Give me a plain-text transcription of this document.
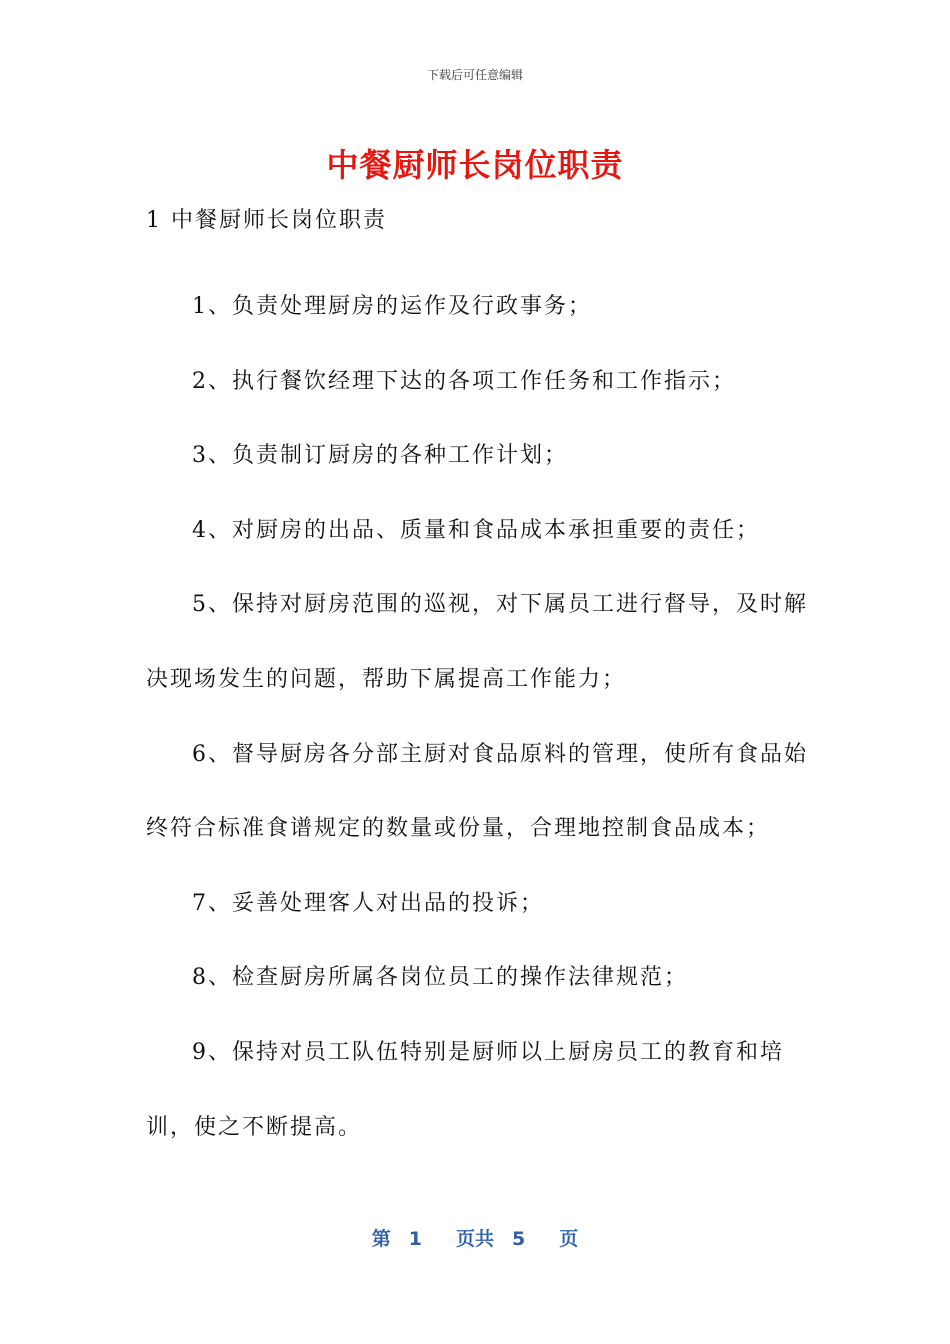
下载后可任意编辑
中餐厨师长岗位职责
1 中餐厨师长岗位职责

1、负责处理厨房的运作及行政事务；

2、执行餐饮经理下达的各项工作任务和工作指示；

3、负责制订厨房的各种工作计划；

4、对厨房的出品、质量和食品成本承担重要的责任；

5、保持对厨房范围的巡视，对下属员工进行督导，及时解决现场发生的问题，帮助下属提高工作能力；

6、督导厨房各分部主厨对食品原料的管理，使所有食品始终符合标准食谱规定的数量或份量，合理地控制食品成本；

7、妥善处理客人对出品的投诉；

8、检查厨房所属各岗位员工的操作法律规范；

9、保持对员工队伍特别是厨师以上厨房员工的教育和培训，使之不断提高。

第 1 页共 5 页
